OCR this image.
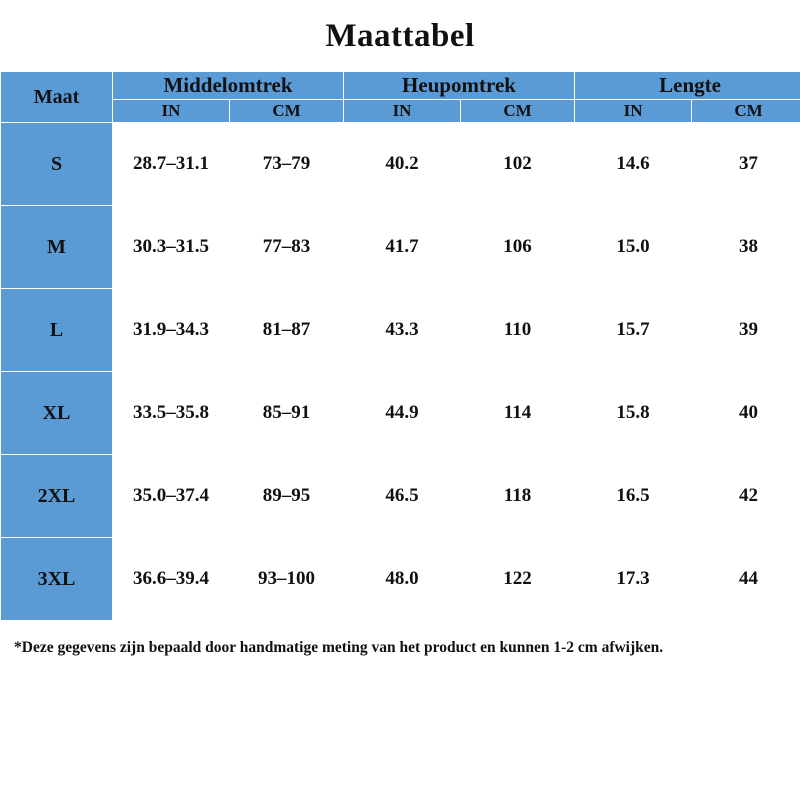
Maattabel
Maat	Middelomtrek		Heupomtrek		Lengte	
	IN	CM	IN	CM	IN	CM
S	28.7–31.1	73–79	40.2	102	14.6	37
M	30.3–31.5	77–83	41.7	106	15.0	38
L	31.9–34.3	81–87	43.3	110	15.7	39
XL	33.5–35.8	85–91	44.9	114	15.8	40
2XL	35.0–37.4	89–95	46.5	118	16.5	42
3XL	36.6–39.4	93–100	48.0	122	17.3	44
*Deze gegevens zijn bepaald door handmatige meting van het product en kunnen 1-2 cm afwijken.
